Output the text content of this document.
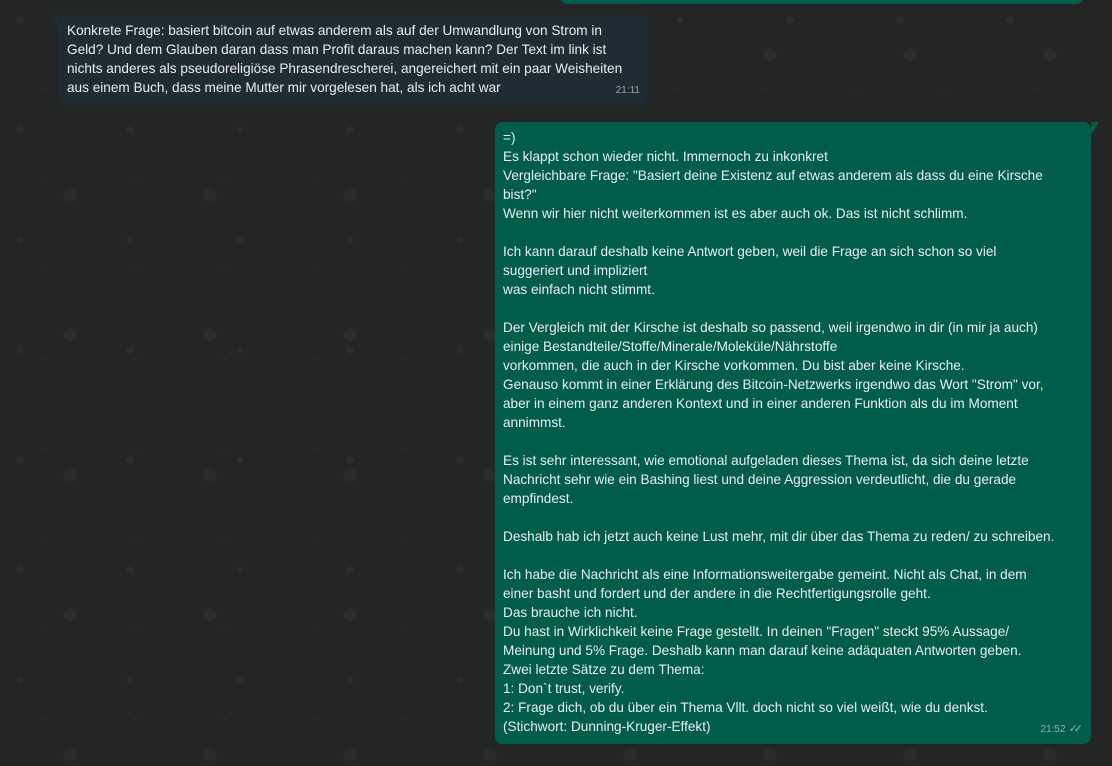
Konkrete Frage: basiert bitcoin auf etwas anderem als auf der Umwandlung von Strom in
Geld? Und dem Glauben daran dass man Profit daraus machen kann? Der Text im link ist
nichts anderes als pseudoreligiöse Phrasendrescherei, angereichert mit ein paar Weisheiten
aus einem Buch, dass meine Mutter mir vorgelesen hat, als ich acht war	21:11

=)
Es klappt schon wieder nicht. Immernoch zu inkonkret
Vergleichbare Frage: "Basiert deine Existenz auf etwas anderem als dass du eine Kirsche
bist?"
Wenn wir hier nicht weiterkommen ist es aber auch ok. Das ist nicht schlimm.

Ich kann darauf deshalb keine Antwort geben, weil die Frage an sich schon so viel
suggeriert und impliziert
was einfach nicht stimmt.

Der Vergleich mit der Kirsche ist deshalb so passend, weil irgendwo in dir (in mir ja auch)
einige Bestandteile/Stoffe/Minerale/Moleküle/Nährstoffe
vorkommen, die auch in der Kirsche vorkommen. Du bist aber keine Kirsche.
Genauso kommt in einer Erklärung des Bitcoin-Netzwerks irgendwo das Wort "Strom" vor,
aber in einem ganz anderen Kontext und in einer anderen Funktion als du im Moment
annimmst.

Es ist sehr interessant, wie emotional aufgeladen dieses Thema ist, da sich deine letzte
Nachricht sehr wie ein Bashing liest und deine Aggression verdeutlicht, die du gerade
empfindest.

Deshalb hab ich jetzt auch keine Lust mehr, mit dir über das Thema zu reden/ zu schreiben.

Ich habe die Nachricht als eine Informationsweitergabe gemeint. Nicht als Chat, in dem
einer basht und fordert und der andere in die Rechtfertigungsrolle geht.
Das brauche ich nicht.
Du hast in Wirklichkeit keine Frage gestellt. In deinen "Fragen" steckt 95% Aussage/
Meinung und 5% Frage. Deshalb kann man darauf keine adäquaten Antworten geben.
Zwei letzte Sätze zu dem Thema:
1: Don`t trust, verify.
2: Frage dich, ob du über ein Thema Vllt. doch nicht so viel weißt, wie du denkst.
(Stichwort: Dunning-Kruger-Effekt)	21:52 ✓✓
